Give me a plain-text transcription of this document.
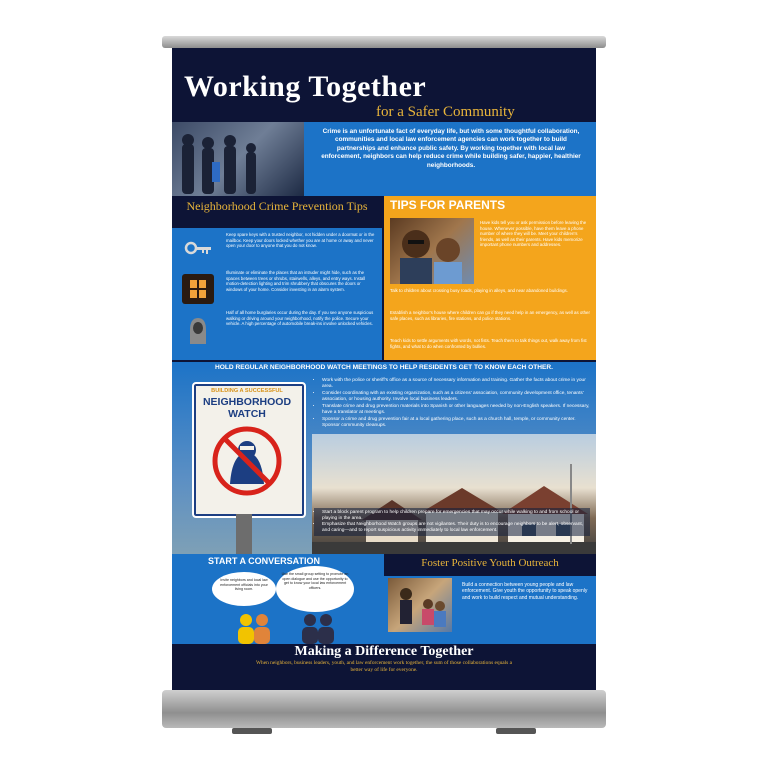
Working Together
for a Safer Community
Crime is an unfortunate fact of everyday life, but with some thoughtful collaboration, communities and local law enforcement agencies can work together to build partnerships and enhance public safety. By working together with local law enforcement, neighbors can help reduce crime while building safer, happier, healthier neighborhoods.
Neighborhood Crime Prevention Tips
Keep spare keys with a trusted neighbor, not hidden under a doormat or in the mailbox. Keep your doors locked whether you are at home or away and never open your door to anyone that you do not know.
Illuminate or eliminate the places that an intruder might hide, such as the spaces between trees or shrubs, stairwells, alleys, and entry ways. Install motion-detection lighting and trim shrubbery that obscures the doors or windows of your home. Consider investing in an alarm system.
Half of all home burglaries occur during the day. If you see anyone suspicious walking or driving around your neighborhood, notify the police. Secure your vehicle. A high percentage of automobile break-ins involve unlocked vehicles.
TIPS FOR PARENTS
Have kids tell you or ask permission before leaving the house. Whenever possible, have them leave a phone number of where they will be. Meet your children's friends, as well as their parents. Have kids memorize important phone numbers and addresses.
Talk to children about crossing busy roads, playing in alleys, and near abandoned buildings.
Establish a neighbor's house where children can go if they need help in an emergency, as well as other safe places, such as libraries, fire stations, and police stations.
Teach kids to settle arguments with words, not fists. Teach them to talk things out, walk away from fist fights, and what to do when confronted by bullies.
HOLD REGULAR NEIGHBORHOOD WATCH MEETINGS TO HELP RESIDENTS GET TO KNOW EACH OTHER.
BUILDING A SUCCESSFUL
NEIGHBORHOOD WATCH
• Work with the police or sheriff's office as a source of necessary information and training. Gather the facts about crime in your area.
• Consider coordinating with an existing organization, such as a citizens' association, community development office, tenants' association, or housing authority. Involve local business leaders.
• Translate crime and drug prevention materials into Spanish or other languages needed by non-English speakers. If necessary, have a translator at meetings.
• Sponsor a crime and drug prevention fair at a local gathering place, such as a church hall, temple, or community center. Sponsor community cleanups.
• Start a block parent program to help children prepare for emergencies that may occur while walking to and from school or playing in the area.
• Emphasize that Neighborhood Watch groups are not vigilantes. Their duty is to encourage neighbors to be alert, observant, and caring—and to report suspicious activity immediately to local law enforcement.
START A CONVERSATION
Invite neighbors and local law enforcement officials into your living room.
Use the small group setting to promote an open dialogue and use the opportunity to get to know your local law enforcement officers.
Foster Positive Youth Outreach
Build a connection between young people and law enforcement. Give youth the opportunity to speak openly and work to build respect and mutual understanding.
Making a Difference Together
When neighbors, business leaders, youth, and law enforcement work together, the sum of those collaborations equals a better way of life for everyone.
